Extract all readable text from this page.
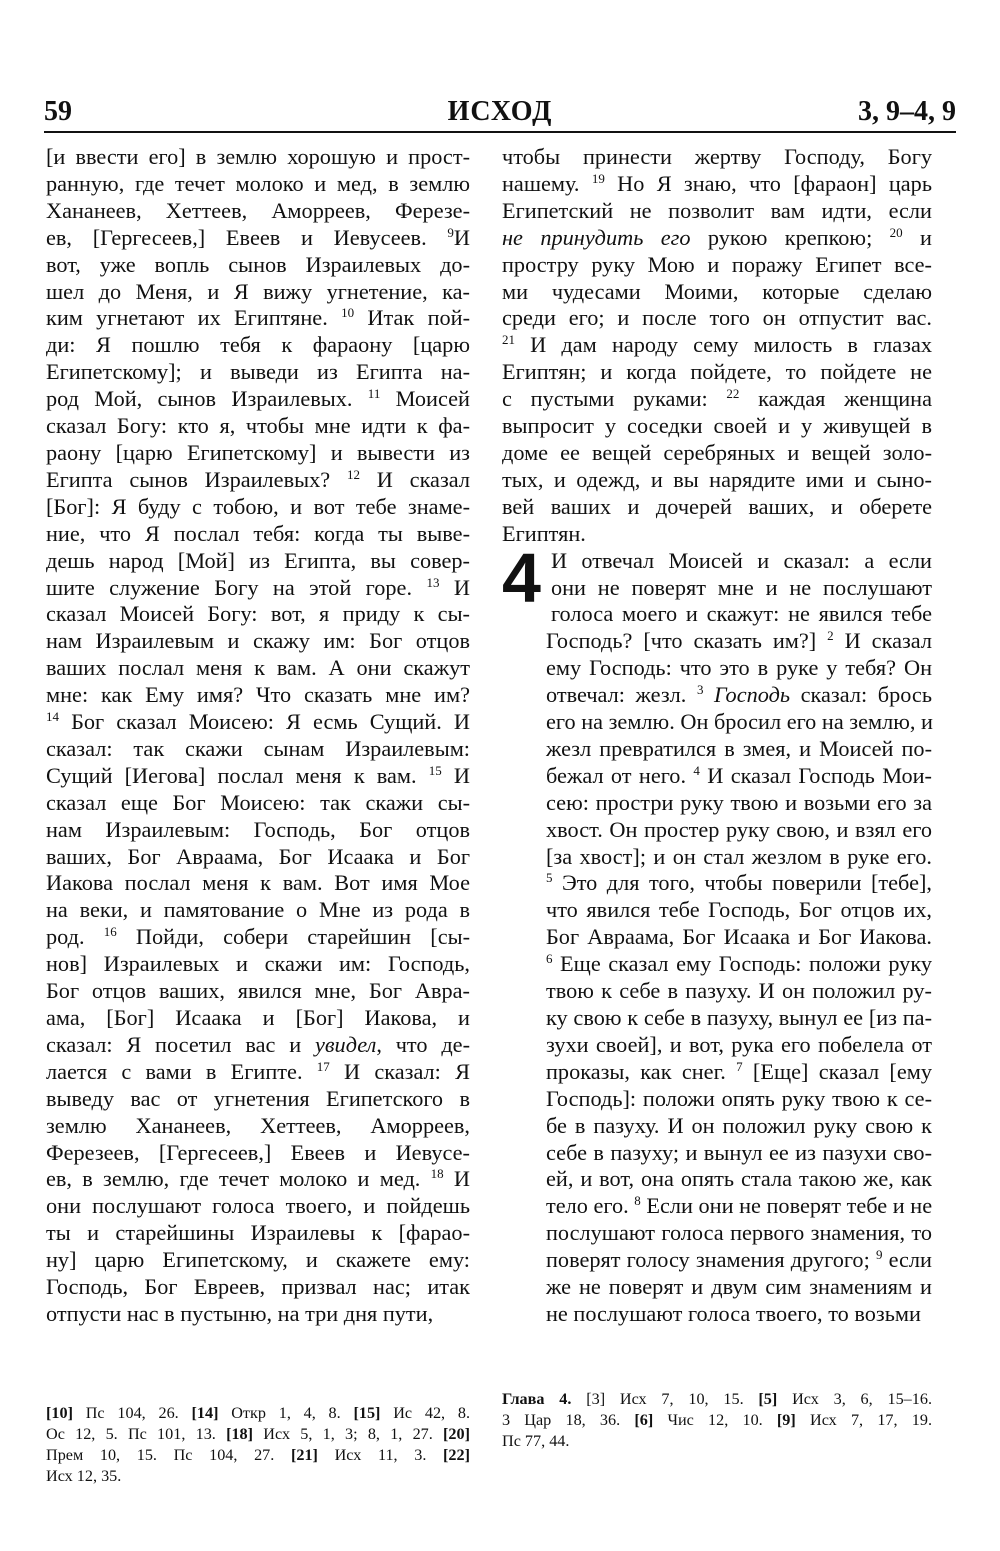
59	ИСХОД	3, 9–4, 9
[и ввести его] в землю хорошую и прост-
ранную, где течет молоко и мед, в землю
Хананеев, Хеттеев, Аморреев, Ферезе-
ев, [Гергесеев,] Евеев и Иевусеев. $^9$И
вот, уже вопль сынов Израилевых до-
шел до Меня, и Я вижу угнетение, ка-
ким угнетают их Египтяне. $^{10}$ Итак пой-
ди: Я пошлю тебя к фараону [царю
Египетскому]; и выведи из Египта на-
род Мой, сынов Израилевых. $^{11}$ Моисей
сказал Богу: кто я, чтобы мне идти к фа-
раону [царю Египетскому] и вывести из
Египта сынов Израилевых? $^{12}$ И сказал
[Бог]: Я буду с тобою, и вот тебе знаме-
ние, что Я послал тебя: когда ты выве-
дешь народ [Мой] из Египта, вы совер-
шите служение Богу на этой горе. $^{13}$ И
сказал Моисей Богу: вот, я приду к сы-
нам Израилевым и скажу им: Бог отцов
ваших послал меня к вам. А они скажут
мне: как Ему имя? Что сказать мне им?
$^{14}$ Бог сказал Моисею: Я есмь Сущий. И
сказал: так скажи сынам Израилевым:
Сущий [Иегова] послал меня к вам. $^{15}$ И
сказал еще Бог Моисею: так скажи сы-
нам Израилевым: Господь, Бог отцов
ваших, Бог Авраама, Бог Исаака и Бог
Иакова послал меня к вам. Вот имя Мое
на веки, и памятование о Мне из рода в
род. $^{16}$ Пойди, собери старейшин [сы-
нов] Израилевых и скажи им: Господь,
Бог отцов ваших, явился мне, Бог Авра-
ама, [Бог] Исаака и [Бог] Иакова, и
сказал: Я посетил вас и увидел, что де-
лается с вами в Египте. $^{17}$ И сказал: Я
выведу вас от угнетения Египетского в
землю Хананеев, Хеттеев, Аморреев,
Ферезеев, [Гергесеев,] Евеев и Иевусе-
ев, в землю, где течет молоко и мед. $^{18}$ И
они послушают голоса твоего, и пойдешь
ты и старейшины Израилевы к [фарао-
ну] царю Египетскому, и скажете ему:
Господь, Бог Евреев, призвал нас; итак
отпусти нас в пустыню, на три дня пути,
чтобы принести жертву Господу, Богу
нашему. $^{19}$ Но Я знаю, что [фараон] царь
Египетский не позволит вам идти, если
не принудить его рукою крепкою; $^{20}$ и
простру руку Мою и поражу Египет все-
ми чудесами Моими, которые сделаю
среди его; и после того он отпустит вас.
$^{21}$ И дам народу сему милость в глазах
Египтян; и когда пойдете, то пойдете не
с пустыми руками: $^{22}$ каждая женщина
выпросит у соседки своей и у живущей в
доме ее вещей серебряных и вещей золо-
тых, и одежд, и вы нарядите ими и сыно-
вей ваших и дочерей ваших, и оберете
Египтян.
4 И отвечал Моисей и сказал: а если
они не поверят мне и не послушают
голоса моего и скажут: не явился тебе
Господь? [что сказать им?] $^2$ И сказал
ему Господь: что это в руке у тебя? Он
отвечал: жезл. $^3$ Господь сказал: брось
его на землю. Он бросил его на землю, и
жезл превратился в змея, и Моисей по-
бежал от него. $^4$ И сказал Господь Мои-
сею: простри руку твою и возьми его за
хвост. Он простер руку свою, и взял его
[за хвост]; и он стал жезлом в руке его.
$^5$ Это для того, чтобы поверили [тебе],
что явился тебе Господь, Бог отцов их,
Бог Авраама, Бог Исаака и Бог Иакова.
$^6$ Еще сказал ему Господь: положи руку
твою к себе в пазуху. И он положил ру-
ку свою к себе в пазуху, вынул ее [из па-
зухи своей], и вот, рука его побелела от
проказы, как снег. $^7$ [Еще] сказал [ему
Господь]: положи опять руку твою к се-
бе в пазуху. И он положил руку свою к
себе в пазуху; и вынул ее из пазухи сво-
ей, и вот, она опять стала такою же, как
тело его. $^8$ Если они не поверят тебе и не
послушают голоса первого знамения, то
поверят голосу знамения другого; $^9$ если
же не поверят и двум сим знамениям и
не послушают голоса твоего, то возьми
[10] Пс 104, 26. [14] Откр 1, 4, 8. [15] Ис 42, 8.
Ос 12, 5. Пс 101, 13. [18] Исх 5, 1, 3; 8, 1, 27. [20]
Прем 10, 15. Пс 104, 27. [21] Исх 11, 3. [22]
Исх 12, 35.
Глава 4. [3] Исх 7, 10, 15. [5] Исх 3, 6, 15–16.
3 Цар 18, 36. [6] Чис 12, 10. [9] Исх 7, 17, 19.
Пс 77, 44.
